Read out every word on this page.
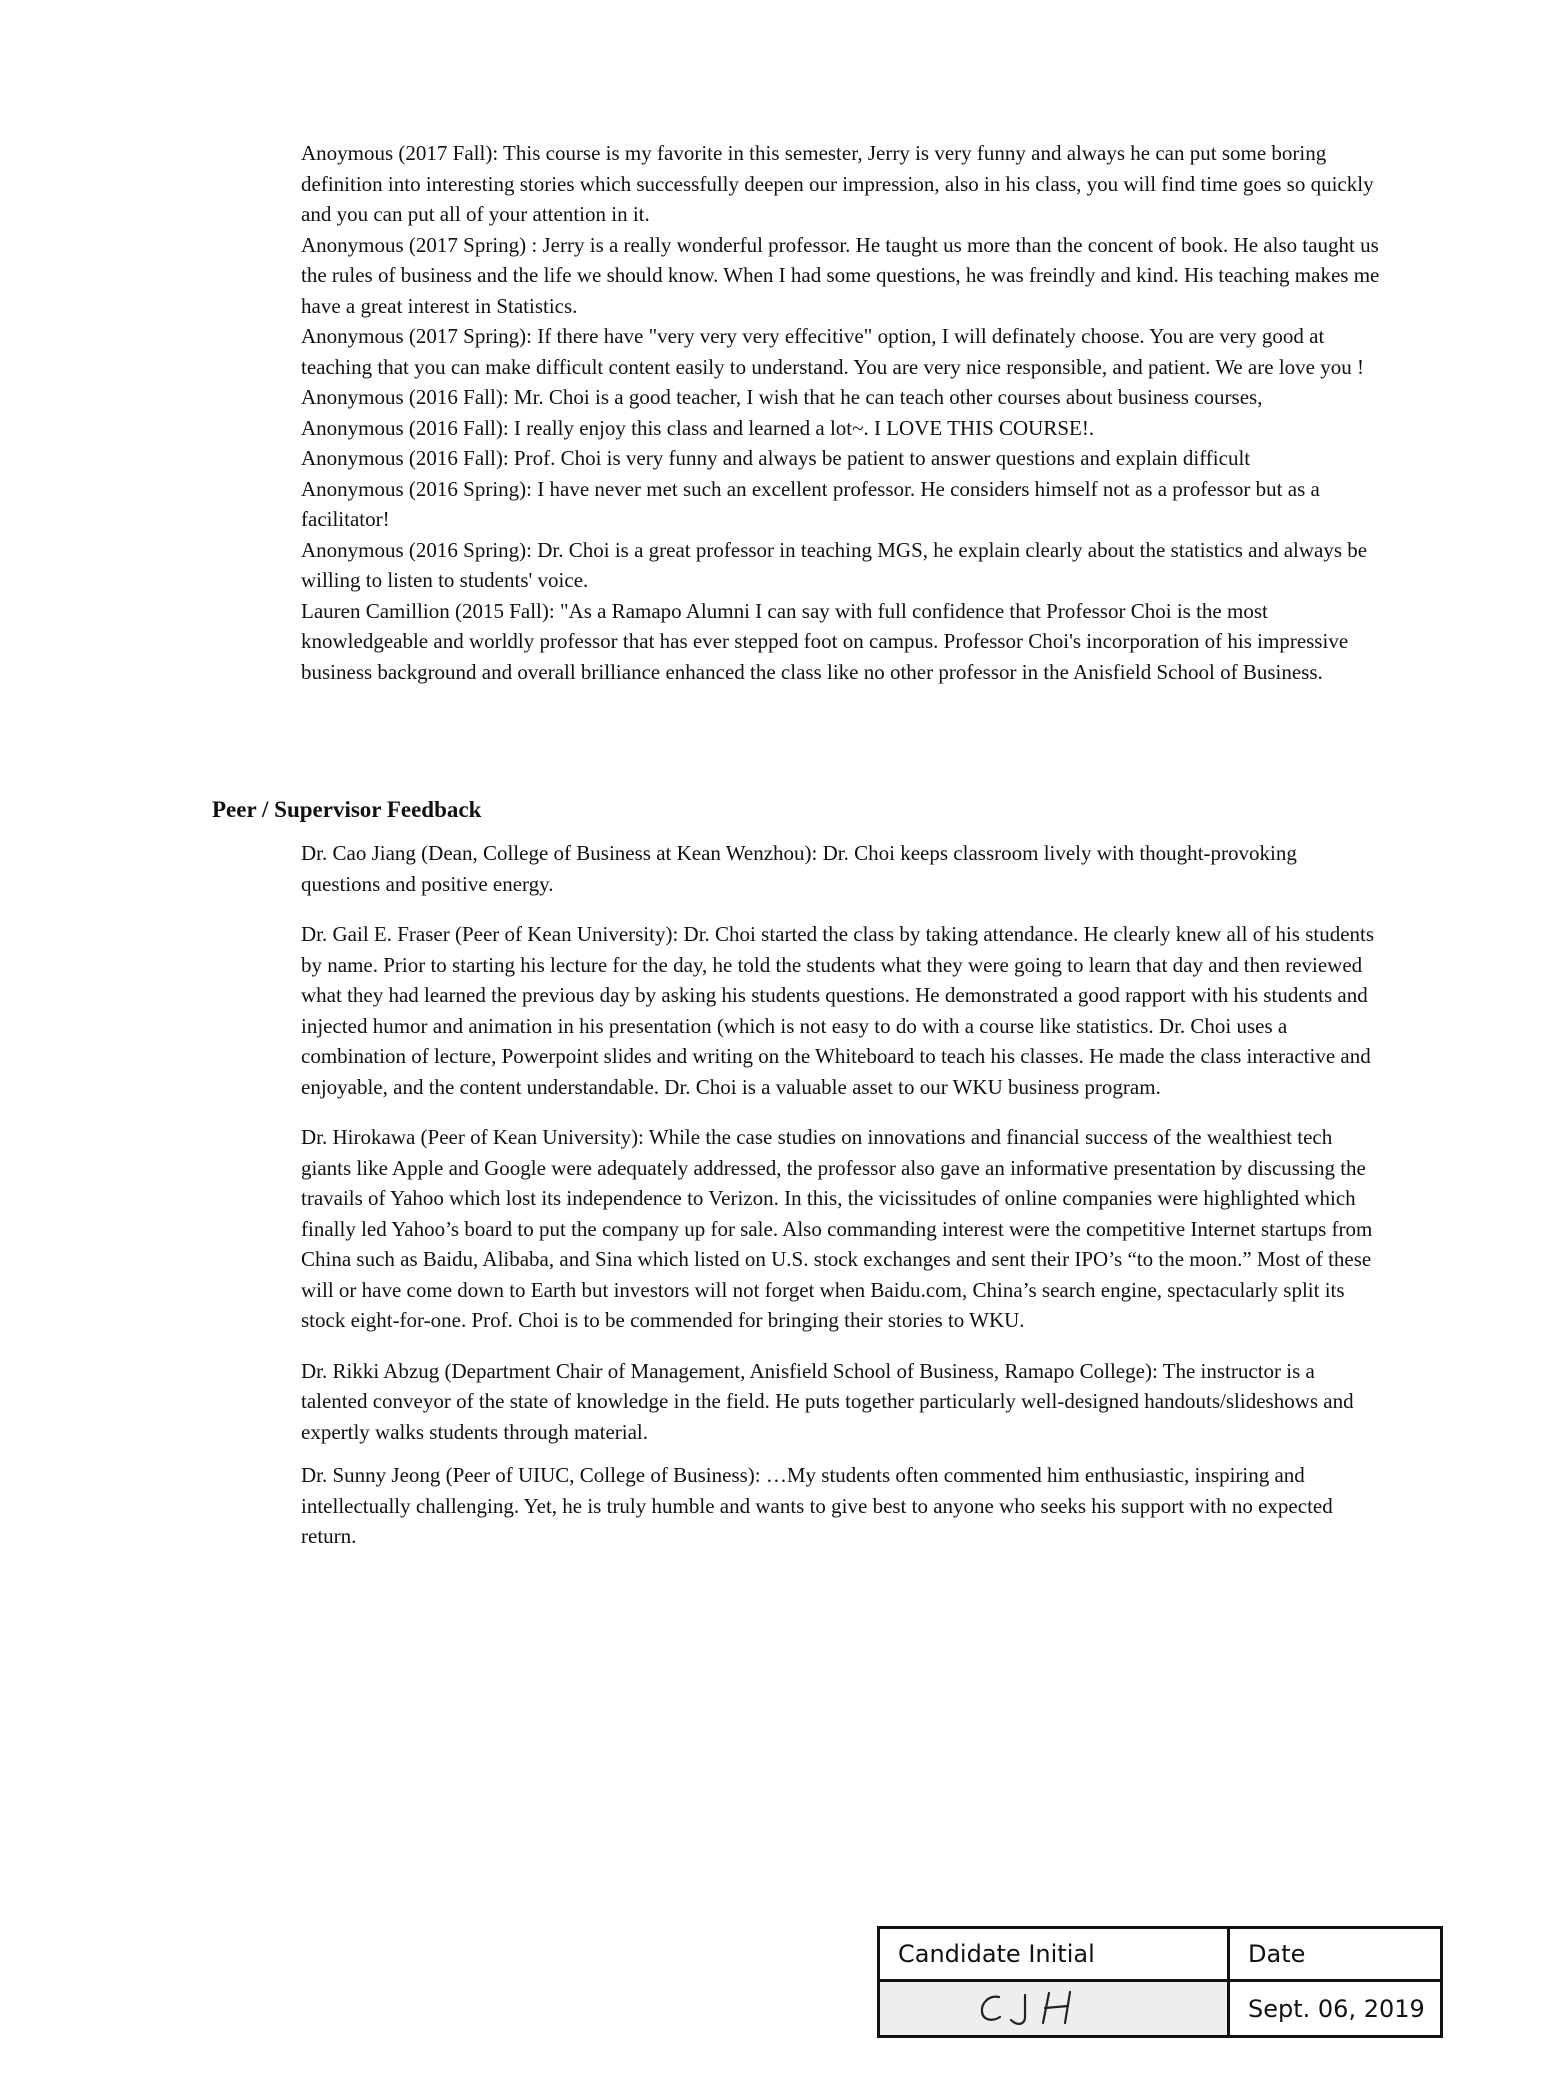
Anoymous (2017 Fall): This course is my favorite in this semester, Jerry is very funny and always he can put some boring definition into interesting stories which successfully deepen our impression, also in his class, you will find time goes so quickly and you can put all of your attention in it.

Anonymous (2017 Spring) : Jerry is a really wonderful professor. He taught us more than the concent of book. He also taught us the rules of business and the life we should know. When I had some questions, he was freindly and kind. His teaching makes me have a great interest in Statistics.

Anonymous (2017 Spring): If there have "very very very effecitive" option, I will definately choose. You are very good at teaching that you can make difficult content easily to understand. You are very nice responsible, and patient. We are love you !

Anonymous (2016 Fall): Mr. Choi is a good teacher, I wish that he can teach other courses about business courses,

Anonymous (2016 Fall): I really enjoy this class and learned a lot~. I LOVE THIS COURSE!.

Anonymous (2016 Fall): Prof. Choi is very funny and always be patient to answer questions and explain difficult

Anonymous (2016 Spring): I have never met such an excellent professor. He considers himself not as a professor but as a facilitator!

Anonymous (2016 Spring): Dr. Choi is a great professor in teaching MGS, he explain clearly about the statistics and always be willing to listen to students' voice.

Lauren Camillion (2015 Fall): "As a Ramapo Alumni I can say with full confidence that Professor Choi is the most knowledgeable and worldly professor that has ever stepped foot on campus. Professor Choi's incorporation of his impressive business background and overall brilliance enhanced the class like no other professor in the Anisfield School of Business.

Peer / Supervisor Feedback

Dr. Cao Jiang (Dean, College of Business at Kean Wenzhou): Dr. Choi keeps classroom lively with thought-provoking questions and positive energy.

Dr. Gail E. Fraser (Peer of Kean University): Dr. Choi started the class by taking attendance. He clearly knew all of his students by name. Prior to starting his lecture for the day, he told the students what they were going to learn that day and then reviewed what they had learned the previous day by asking his students questions. He demonstrated a good rapport with his students and injected humor and animation in his presentation (which is not easy to do with a course like statistics. Dr. Choi uses a combination of lecture, Powerpoint slides and writing on the Whiteboard to teach his classes. He made the class interactive and enjoyable, and the content understandable. Dr. Choi is a valuable asset to our WKU business program.

Dr. Hirokawa (Peer of Kean University): While the case studies on innovations and financial success of the wealthiest tech giants like Apple and Google were adequately addressed, the professor also gave an informative presentation by discussing the travails of Yahoo which lost its independence to Verizon. In this, the vicissitudes of online companies were highlighted which finally led Yahoo’s board to put the company up for sale. Also commanding interest were the competitive Internet startups from China such as Baidu, Alibaba, and Sina which listed on U.S. stock exchanges and sent their IPO’s “to the moon.” Most of these will or have come down to Earth but investors will not forget when Baidu.com, China’s search engine, spectacularly split its stock eight-for-one. Prof. Choi is to be commended for bringing their stories to WKU.

Dr. Rikki Abzug (Department Chair of Management, Anisfield School of Business, Ramapo College): The instructor is a talented conveyor of the state of knowledge in the field. He puts together particularly well-designed handouts/slideshows and expertly walks students through material.

Dr. Sunny Jeong (Peer of UIUC, College of Business): …My students often commented him enthusiastic, inspiring and intellectually challenging. Yet, he is truly humble and wants to give best to anyone who seeks his support with no expected return.

Candidate Initial	Date
Sept. 06, 2019
